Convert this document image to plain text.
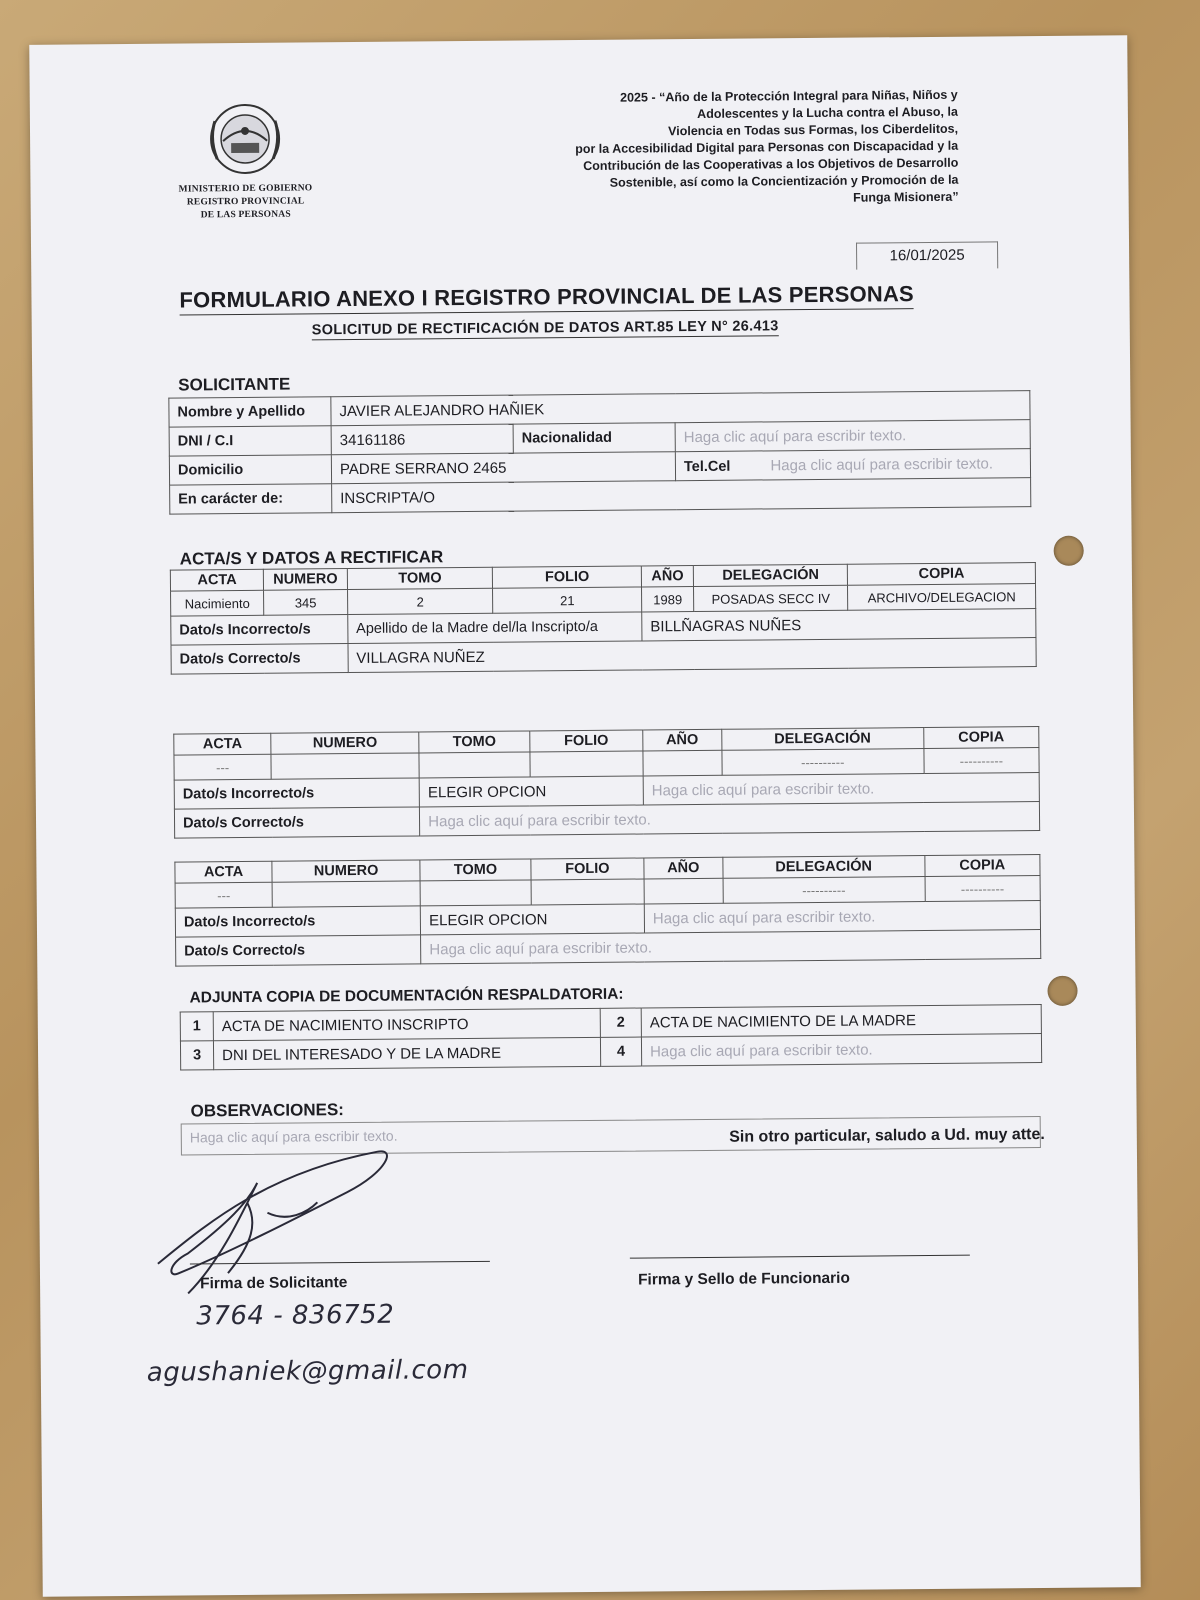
MINISTERIO DE GOBIERNO
REGISTRO PROVINCIAL
DE LAS PERSONAS
2025 - “Año de la Protección Integral para Niñas, Niños y
Adolescentes y la Lucha contra el Abuso, la
Violencia en Todas sus Formas, los Ciberdelitos,
por la Accesibilidad Digital para Personas con Discapacidad y la
Contribución de las Cooperativas a los Objetivos de Desarrollo
Sostenible, así como la Concientización y Promoción de la
Funga Misionera”
16/01/2025
FORMULARIO ANEXO I REGISTRO PROVINCIAL DE LAS PERSONAS
SOLICITUD DE RECTIFICACIÓN DE DATOS ART.85 LEY N° 26.413
SOLICITANTE
Nombre y Apellido	JAVIER ALEJANDRO HAÑIEK		
DNI / C.I	34161186	Nacionalidad	Haga clic aquí para escribir texto.
Domicilio	PADRE SERRANO 2465		Tel.Cel Haga clic aquí para escribir texto.
En carácter de:	INSCRIPTA/O		
ACTA/S Y DATOS A RECTIFICAR
ACTA	NUMERO	TOMO	FOLIO	AÑO	DELEGACIÓN	COPIA
Nacimiento	345	2	21	1989	POSADAS SECC IV	ARCHIVO/DELEGACION
Dato/s Incorrecto/s		Apellido de la Madre del/la Inscripto/a		BILLÑAGRAS NUÑES		
Dato/s Correcto/s		VILLAGRA NUÑEZ				
ACTA	NUMERO	TOMO	FOLIO	AÑO	DELEGACIÓN	COPIA
---					----------	----------
Dato/s Incorrecto/s		ELEGIR OPCION		Haga clic aquí para escribir texto.		
Dato/s Correcto/s		Haga clic aquí para escribir texto.				
ACTA	NUMERO	TOMO	FOLIO	AÑO	DELEGACIÓN	COPIA
---					----------	----------
Dato/s Incorrecto/s		ELEGIR OPCION		Haga clic aquí para escribir texto.		
Dato/s Correcto/s		Haga clic aquí para escribir texto.				
ADJUNTA COPIA DE DOCUMENTACIÓN RESPALDATORIA:
1	ACTA DE NACIMIENTO INSCRIPTO	2	ACTA DE NACIMIENTO DE LA MADRE
3	DNI DEL INTERESADO Y DE LA MADRE	4	Haga clic aquí para escribir texto.
OBSERVACIONES:
Haga clic aquí para escribir texto.	Sin otro particular, saludo a Ud. muy atte.
Firma de Solicitante	Firma y Sello de Funcionario
3764 - 836752
agushaniek@gmail.com
